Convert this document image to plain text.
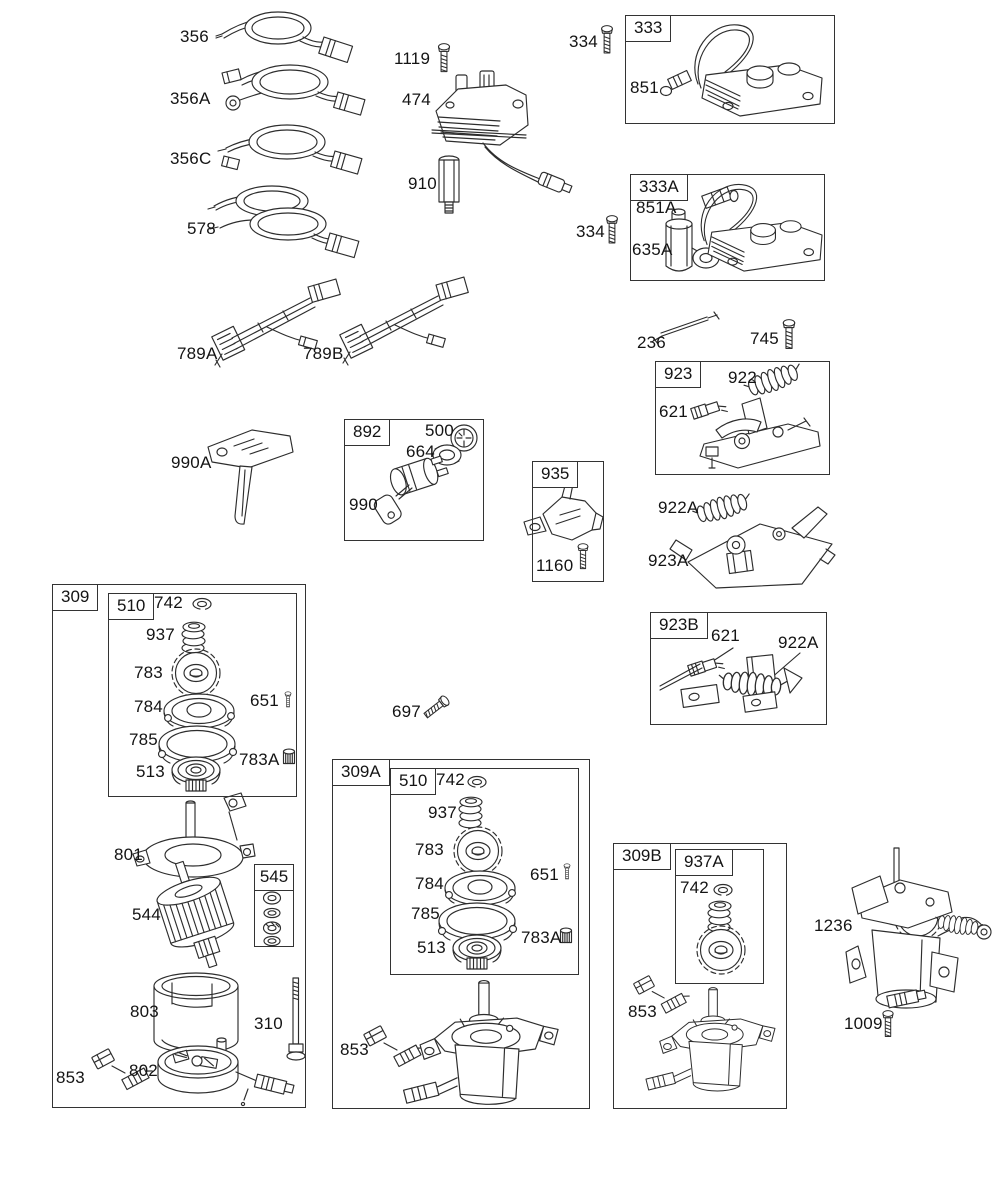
333
333A
923
892
935
923B
309	510
545
309A	510
309B	937A
356
356A
356C
578
1119
474
910
334
851
851A
334
635A
789A	789B
236	745
922
621
990A
500
664
990
1160
922A
923A
621 922A
742
937
783
784
785
513
651
783A
697
801
544
803
310
853	802
742
937
783
784
785
513
651
783A
853
742
853
1236
1009
